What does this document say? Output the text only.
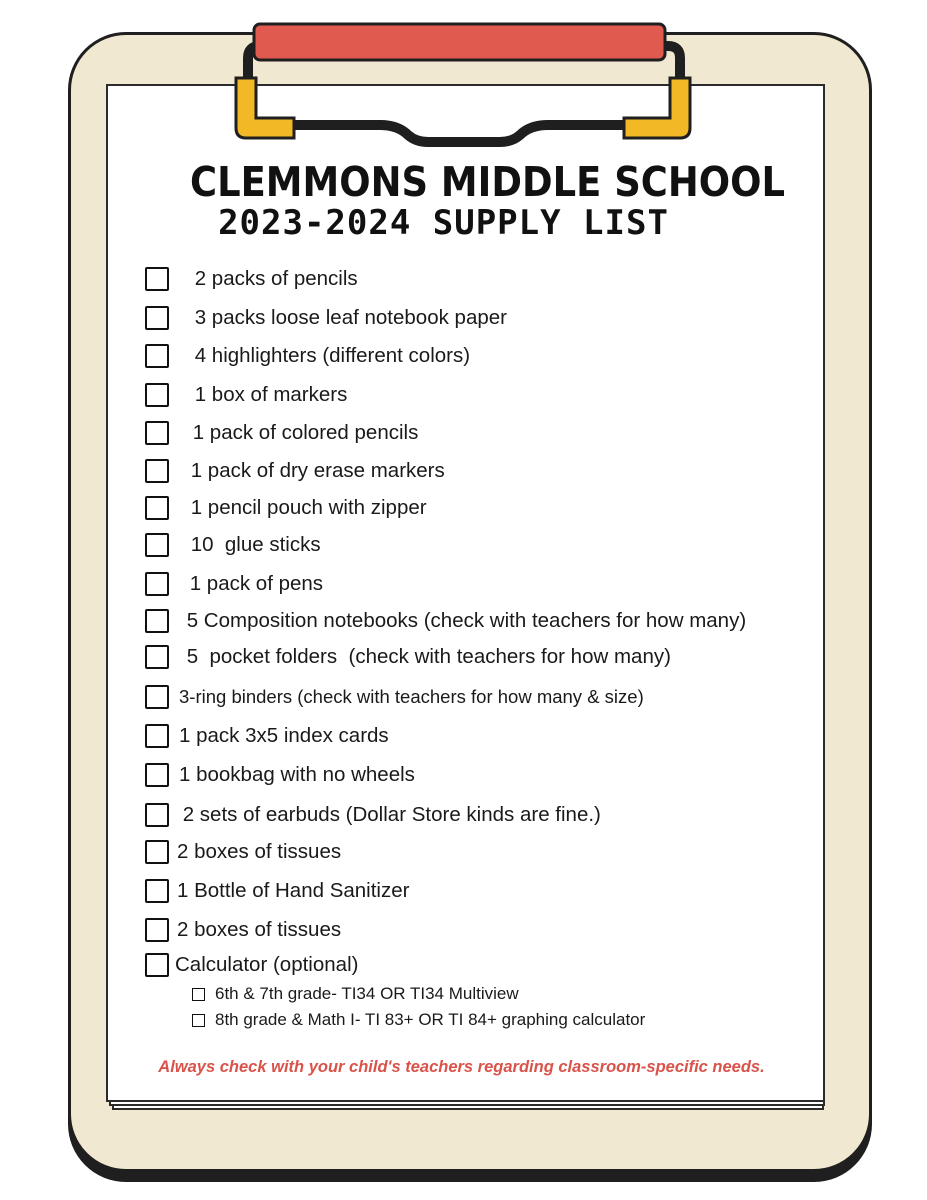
CLEMMONS MIDDLE SCHOOL
2023-2024 SUPPLY LIST
2 packs of pencils
3 packs loose leaf notebook paper
4 highlighters (different colors)
1 box of markers
1 pack of colored pencils
1 pack of dry erase markers
1 pencil pouch with zipper
10  glue sticks
1 pack of pens
5 Composition notebooks (check with teachers for how many)
5  pocket folders  (check with teachers for how many)
3-ring binders (check with teachers for how many & size)
1 pack 3x5 index cards
1 bookbag with no wheels
2 sets of earbuds (Dollar Store kinds are fine.)
2 boxes of tissues
1 Bottle of Hand Sanitizer
2 boxes of tissues
Calculator (optional)
6th & 7th grade- TI34 OR TI34 Multiview
8th grade & Math I- TI 83+ OR TI 84+ graphing calculator
Always check with your child's teachers regarding classroom-specific needs.
